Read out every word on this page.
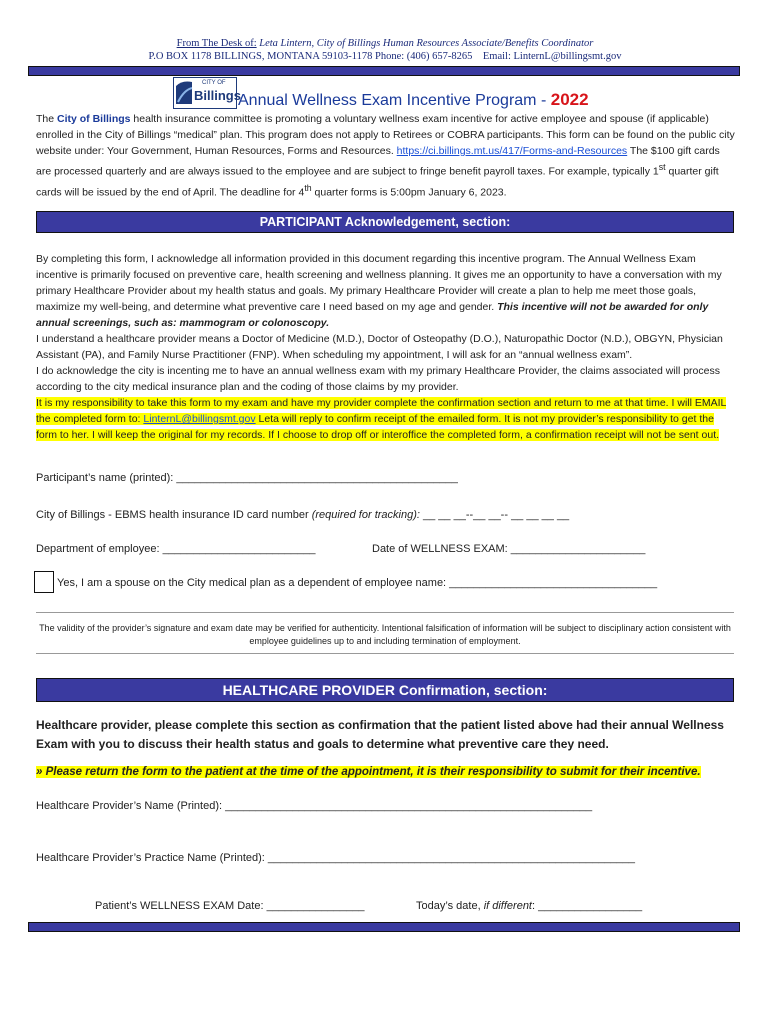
From The Desk of: Leta Lintern, City of Billings Human Resources Associate/Benefits Coordinator
P.O BOX 1178 BILLINGS, MONTANA 59103-1178 Phone: (406) 657-8265 Email: LinternL@billingsmt.gov
CITY OF
Billings
Annual Wellness Exam Incentive Program - 2022
The City of Billings health insurance committee is promoting a voluntary wellness exam incentive for active employee and spouse (if applicable) enrolled in the City of Billings “medical” plan. This program does not apply to Retirees or COBRA participants. This form can be found on the public city website under: Your Government, Human Resources, Forms and Resources. https://ci.billings.mt.us/417/Forms-and-Resources The $100 gift cards are processed quarterly and are always issued to the employee and are subject to fringe benefit payroll taxes. For example, typically 1st quarter gift cards will be issued by the end of April. The deadline for 4th quarter forms is 5:00pm January 6, 2023.
PARTICIPANT Acknowledgement, section:
By completing this form, I acknowledge all information provided in this document regarding this incentive program. The Annual Wellness Exam incentive is primarily focused on preventive care, health screening and wellness planning. It gives me an opportunity to have a conversation with my primary Healthcare Provider about my health status and goals. My primary Healthcare Provider will create a plan to help me meet those goals, maximize my well-being, and determine what preventive care I need based on my age and gender. This incentive will not be awarded for only annual screenings, such as: mammogram or colonoscopy.
I understand a healthcare provider means a Doctor of Medicine (M.D.), Doctor of Osteopathy (D.O.), Naturopathic Doctor (N.D.), OBGYN, Physician Assistant (PA), and Family Nurse Practitioner (FNP). When scheduling my appointment, I will ask for an “annual wellness exam”.
I do acknowledge the city is incenting me to have an annual wellness exam with my primary Healthcare Provider, the claims associated will process according to the city medical insurance plan and the coding of those claims by my provider.
It is my responsibility to take this form to my exam and have my provider complete the confirmation section and return to me at that time. I will EMAIL the completed form to: LinternL@billingsmt.gov Leta will reply to confirm receipt of the emailed form. It is not my provider’s responsibility to get the form to her. I will keep the original for my records. If I choose to drop off or interoffice the completed form, a confirmation receipt will not be sent out.
Participant’s name (printed): ______________________________________________
City of Billings - EBMS health insurance ID card number (required for tracking): __ __ __--__ __-- __ __ __ __
Department of employee: _________________________	Date of WELLNESS EXAM: ______________________
Yes, I am a spouse on the City medical plan as a dependent of employee name: __________________________________
The validity of the provider’s signature and exam date may be verified for authenticity. Intentional falsification of information will be subject to disciplinary action consistent with employee guidelines up to and including termination of employment.
HEALTHCARE PROVIDER Confirmation, section:
Healthcare provider, please complete this section as confirmation that the patient listed above had their annual Wellness Exam with you to discuss their health status and goals to determine what preventive care they need.
» Please return the form to the patient at the time of the appointment, it is their responsibility to submit for their incentive.
Healthcare Provider’s Name (Printed): ____________________________________________________________
Healthcare Provider’s Practice Name (Printed): ____________________________________________________________
Patient’s WELLNESS EXAM Date: ________________	Today’s date, if different: _________________
